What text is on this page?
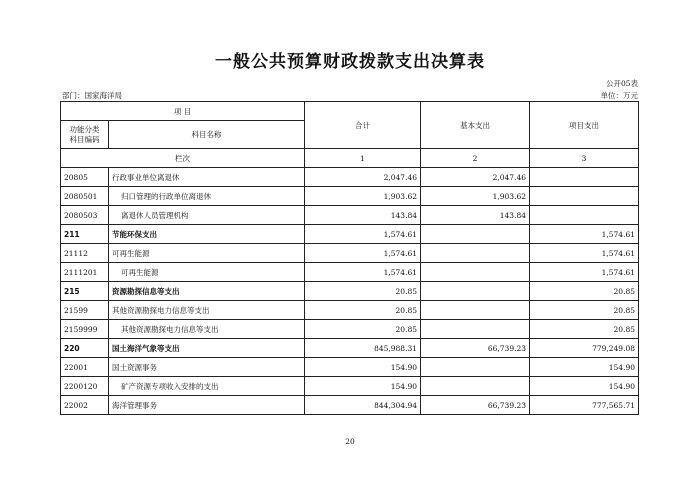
一般公共预算财政拨款支出决算表
公开05表
部门：国家海洋局	单位：万元
项 目		合计	基本支出	项目支出

功能分类
科目编码	科目名称			
栏次		1	2	3
20805	行政事业单位离退休	2,047.46	2,047.46	
2080501	归口管理的行政单位离退休	1,903.62	1,903.62	
2080503	离退休人员管理机构	143.84	143.84	
211	节能环保支出	1,574.61		1,574.61
21112	可再生能源	1,574.61		1,574.61
2111201	可再生能源	1,574.61		1,574.61
215	资源勘探信息等支出	20.85		20.85
21599	其他资源勘探电力信息等支出	20.85		20.85
2159999	其他资源勘探电力信息等支出	20.85		20.85
220	国土海洋气象等支出	845,988.31	66,739.23	779,249.08
22001	国土资源事务	154.90		154.90
2200120	矿产资源专项收入安排的支出	154.90		154.90
22002	海洋管理事务	844,304.94	66,739.23	777,565.71
20
